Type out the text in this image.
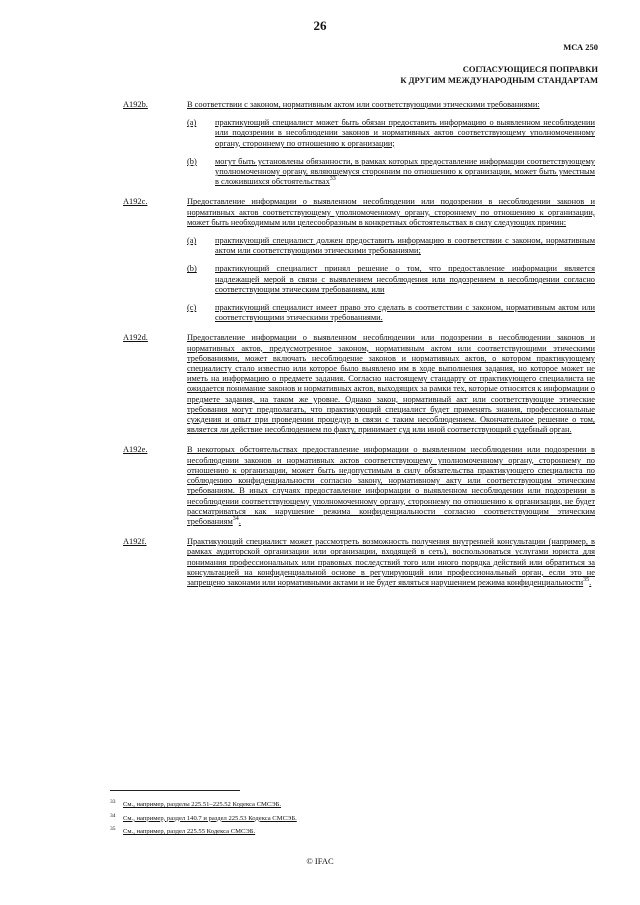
26
МСА 250
СОГЛАСУЮЩИЕСЯ ПОПРАВКИ
К ДРУГИМ МЕЖДУНАРОДНЫМ СТАНДАРТАМ
A192b.	В соответствии с законом, нормативным актом или соответствующими этическими требованиями:
(a) практикующий специалист может быть обязан предоставить информацию о выявленном несоблюдении или подозрении в несоблюдении законов и нормативных актов соответствующему уполномоченному органу, стороннему по отношению к организации;
(b) могут быть установлены обязанности, в рамках которых предоставление информации соответствующему уполномоченному органу, являющемуся сторонним по отношению к организации, может быть уместным в сложившихся обстоятельствах$^{33}$
A192c.	Предоставление информации о выявленном несоблюдении или подозрении в несоблюдении законов и нормативных актов соответствующему уполномоченному органу, стороннему по отношению к организации, может быть необходимым или целесообразным в конкретных обстоятельствах в силу следующих причин:
(a) практикующий специалист должен предоставить информацию в соответствии с законом, нормативным актом или соответствующими этическими требованиями;
(b) практикующий специалист принял решение о том, что предоставление информации является надлежащей мерой в связи с выявлением несоблюдения или подозрением в несоблюдении согласно соответствующим этическим требованиям, или
(c) практикующий специалист имеет право это сделать в соответствии с законом, нормативным актом или соответствующими этическими требованиями.
A192d.	Предоставление информации о выявленном несоблюдении или подозрении в несоблюдении законов и нормативных актов, предусмотренное законом, нормативным актом или соответствующими этическими требованиями, может включать несоблюдение законов и нормативных актов, о котором практикующему специалисту стало известно или которое было выявлено им в ходе выполнения задания, но которое может не иметь на информацию о предмете задания. Согласно настоящему стандарту от практикующего специалиста не ожидается понимание законов и нормативных актов, выходящих за рамки тех, которые относятся к информации о предмете задания, на таком же уровне. Однако закон, нормативный акт или соответствующие этические требования могут предполагать, что практикующий специалист будет применять знания, профессиональные суждения и опыт при проведении процедур в связи с таким несоблюдением. Окончательное решение о том, является ли действие несоблюдением по факту, принимает суд или иной соответствующий судебный орган.
A192e.	В некоторых обстоятельствах предоставление информации о выявленном несоблюдении или подозрении в несоблюдении законов и нормативных актов соответствующему уполномоченному органу, стороннему по отношению к организации, может быть недопустимым в силу обязательства практикующего специалиста по соблюдению конфиденциальности согласно закону, нормативному акту или соответствующим этическим требованиям. В иных случаях предоставление информации о выявленном несоблюдении или подозрении в несоблюдении соответствующему уполномоченному органу, стороннему по отношению к организации, не будет рассматриваться как нарушение режима конфиденциальности согласно соответствующим этическим требованиям$^{34}$.
A192f.	Практикующий специалист может рассмотреть возможность получения внутренней консультации (например, в рамках аудиторской организации или организации, входящей в сеть), воспользоваться услугами юриста для понимания профессиональных или правовых последствий того или иного порядка действий или обратиться за консультацией на конфиденциальной основе в регулирующий или профессиональный орган, если это не запрещено законами или нормативными актами и не будет являться нарушением режима конфиденциальности$^{35}$.
33 См., например, разделы 225.51–225.52 Кодекса СМСЭБ.
34 См., например, раздел 140.7 и раздел 225.53 Кодекса СМСЭБ.
35 См., например, раздел 225.55 Кодекса СМСЭБ.
© IFAC
